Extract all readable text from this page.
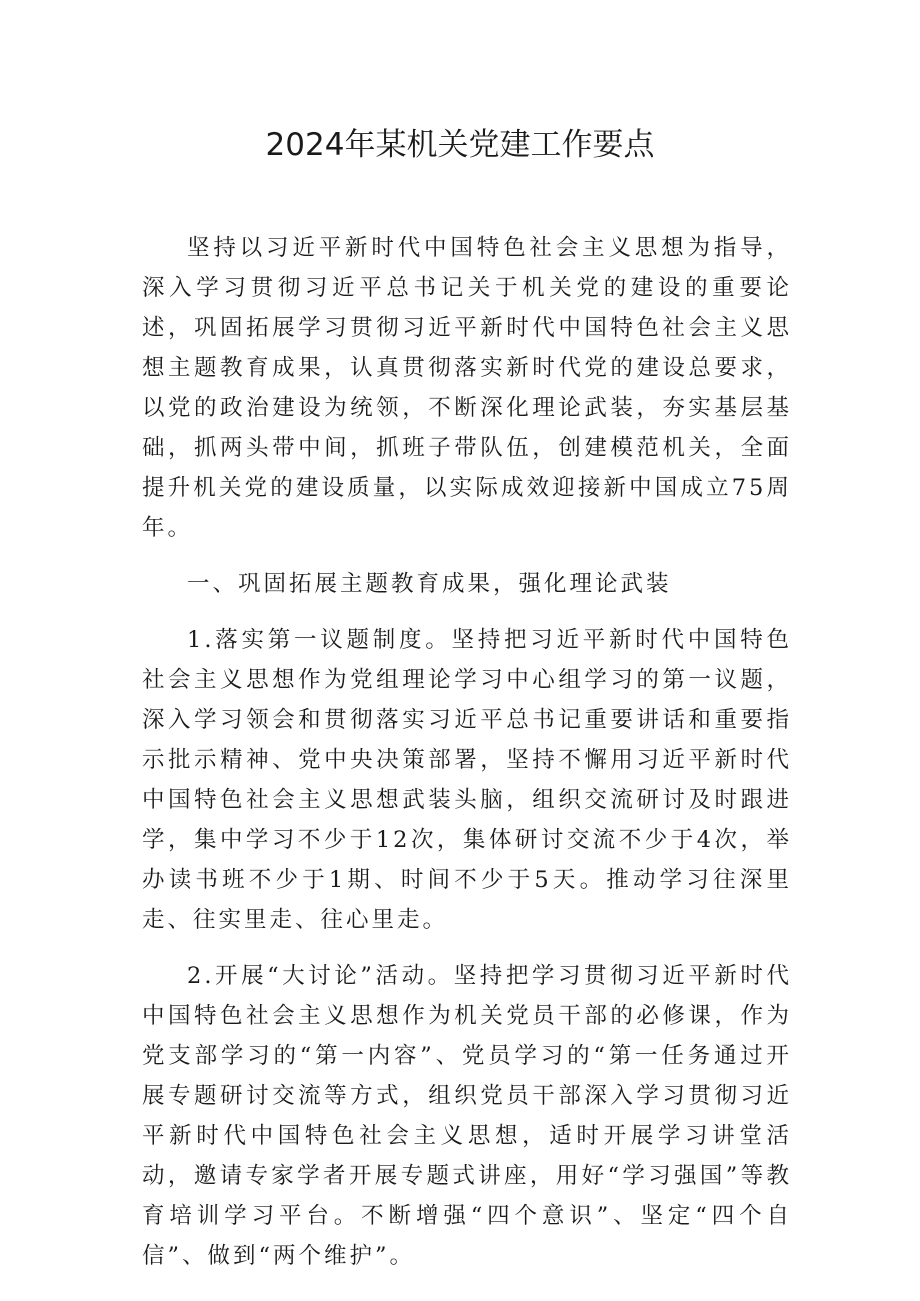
2024年某机关党建工作要点

坚持以习近平新时代中国特色社会主义思想为指导，深入学习贯彻习近平总书记关于机关党的建设的重要论述，巩固拓展学习贯彻习近平新时代中国特色社会主义思想主题教育成果，认真贯彻落实新时代党的建设总要求，以党的政治建设为统领，不断深化理论武装，夯实基层基础，抓两头带中间，抓班子带队伍，创建模范机关，全面提升机关党的建设质量，以实际成效迎接新中国成立75周年。

一、巩固拓展主题教育成果，强化理论武装

1.落实第一议题制度。坚持把习近平新时代中国特色社会主义思想作为党组理论学习中心组学习的第一议题，深入学习领会和贯彻落实习近平总书记重要讲话和重要指示批示精神、党中央决策部署，坚持不懈用习近平新时代中国特色社会主义思想武装头脑，组织交流研讨及时跟进学，集中学习不少于12次，集体研讨交流不少于4次，举办读书班不少于1期、时间不少于5天。推动学习往深里走、往实里走、往心里走。

2.开展“大讨论”活动。坚持把学习贯彻习近平新时代中国特色社会主义思想作为机关党员干部的必修课，作为党支部学习的“第一内容”、党员学习的“第一任务通过开展专题研讨交流等方式，组织党员干部深入学习贯彻习近平新时代中国特色社会主义思想，适时开展学习讲堂活动，邀请专家学者开展专题式讲座，用好“学习强国”等教育培训学习平台。不断增强“四个意识”、坚定“四个自信”、做到“两个维护”。
